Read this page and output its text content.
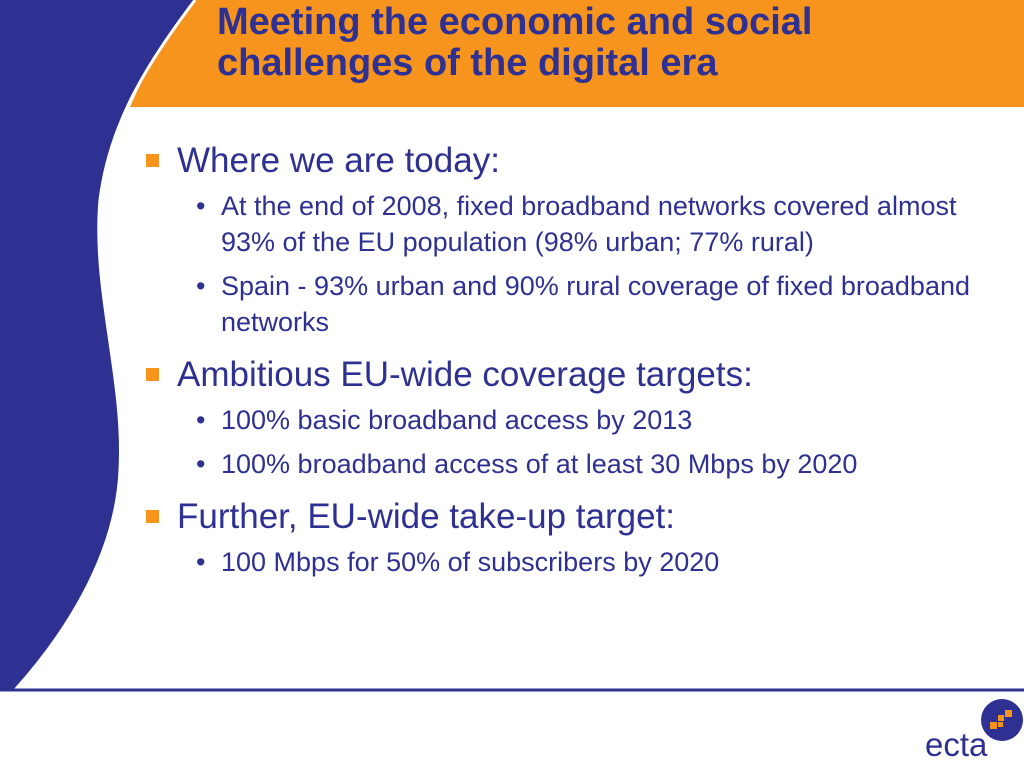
Meeting the economic and social
challenges of the digital era
Where we are today:
• At the end of 2008, fixed broadband networks covered almost 93% of the EU population (98% urban; 77% rural)
• Spain - 93% urban and 90% rural coverage of fixed broadband networks
Ambitious EU-wide coverage targets:
• 100% basic broadband access by 2013
• 100% broadband access of at least 30 Mbps by 2020
Further, EU-wide take-up target:
• 100 Mbps for 50% of subscribers by 2020
ecta
